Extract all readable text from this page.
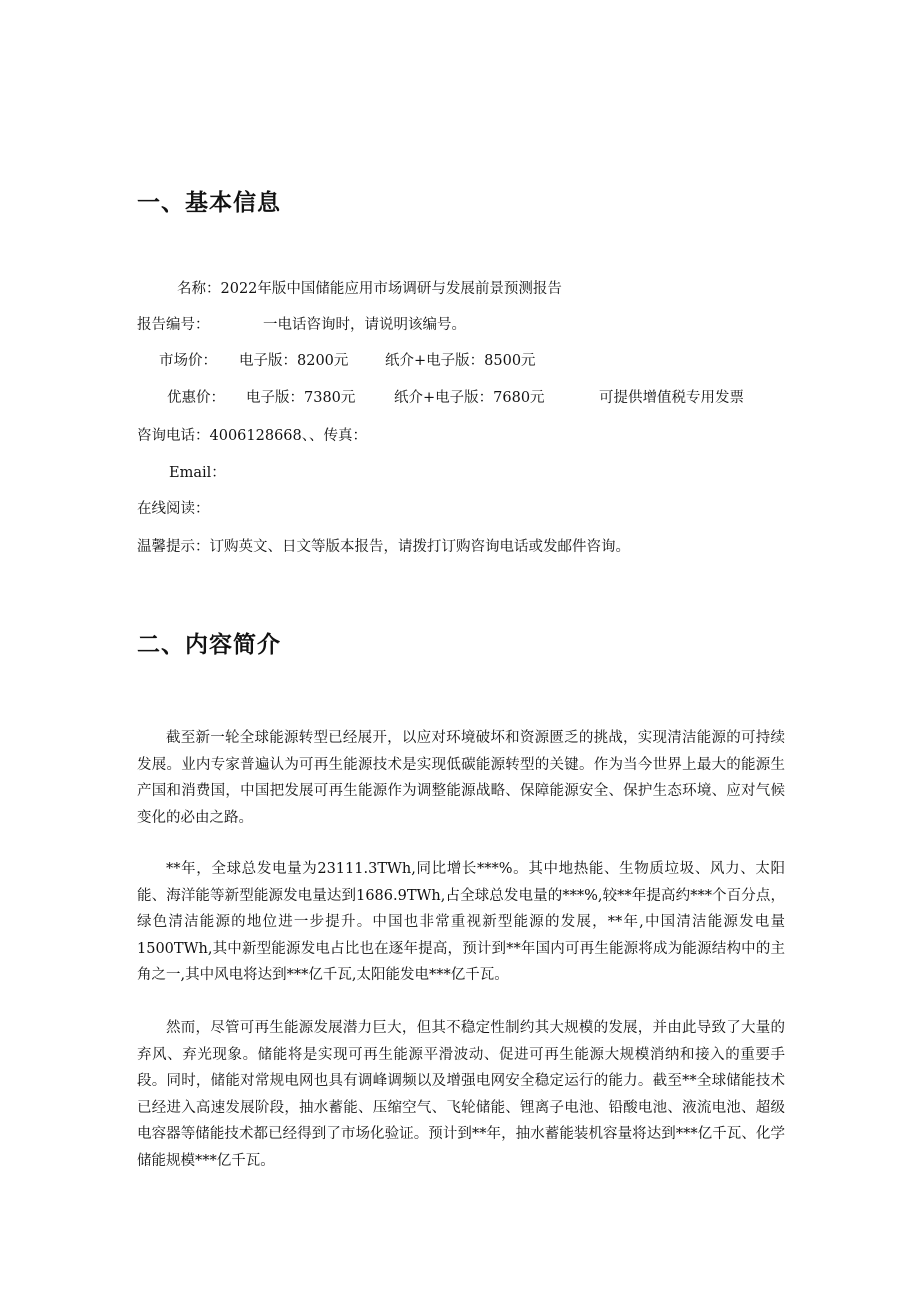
一、基本信息
名称：2022年版中国储能应用市场调研与发展前景预测报告
报告编号：	一电话咨询时，请说明该编号。
市场价： 电子版：8200元	纸介+电子版：8500元
优惠价： 电子版：7380元	纸介+电子版：7680元	可提供增值税专用发票
咨询电话：4006128668、、传真：
Email：
在线阅读：
温馨提示：订购英文、日文等版本报告，请拨打订购咨询电话或发邮件咨询。
二、内容简介

截至新一轮全球能源转型已经展开，以应对环境破坏和资源匮乏的挑战，实现清洁能源的可持续发展。业内专家普遍认为可再生能源技术是实现低碳能源转型的关键。作为当今世界上最大的能源生产国和消费国，中国把发展可再生能源作为调整能源战略、保障能源安全、保护生态环境、应对气候变化的必由之路。

**年，全球总发电量为23111.3TWh,同比增长***%。其中地热能、生物质垃圾、风力、太阳能、海洋能等新型能源发电量达到1686.9TWh,占全球总发电量的***%,较**年提高约***个百分点，绿色清洁能源的地位进一步提升。中国也非常重视新型能源的发展，**年,中国清洁能源发电量1500TWh,其中新型能源发电占比也在逐年提高，预计到**年国内可再生能源将成为能源结构中的主角之一,其中风电将达到***亿千瓦,太阳能发电***亿千瓦。

然而，尽管可再生能源发展潜力巨大，但其不稳定性制约其大规模的发展，并由此导致了大量的弃风、弃光现象。储能将是实现可再生能源平滑波动、促进可再生能源大规模消纳和接入的重要手段。同时，储能对常规电网也具有调峰调频以及增强电网安全稳定运行的能力。截至**全球储能技术已经进入高速发展阶段，抽水蓄能、压缩空气、飞轮储能、锂离子电池、铅酸电池、液流电池、超级电容器等储能技术都已经得到了市场化验证。预计到**年，抽水蓄能装机容量将达到***亿千瓦、化学储能规模***亿千瓦。
